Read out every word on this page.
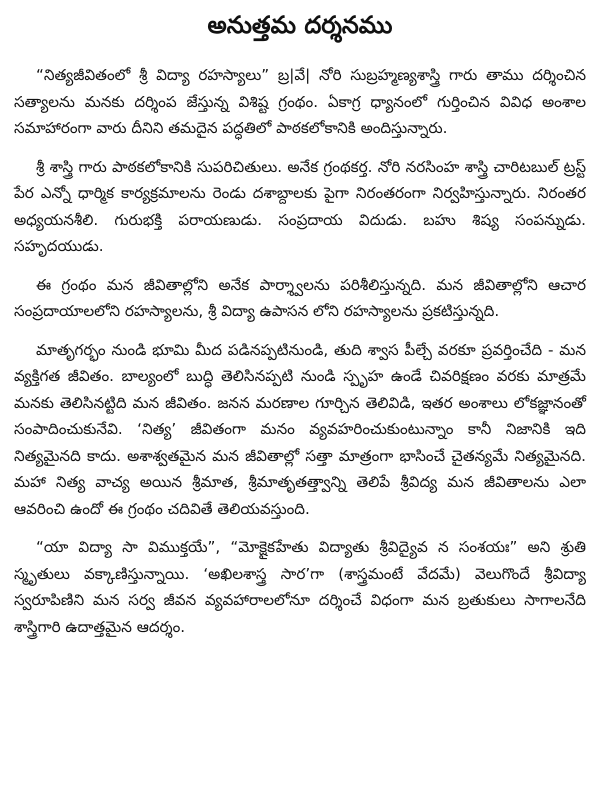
అనుత్తమ దర్శనము

“నిత్యజీవితంలో శ్రీ విద్యా రహస్యాలు” బ్ర|వే| నోరి సుబ్రహ్మణ్యశాస్త్రి గారు తాము దర్శించిన సత్యాలను మనకు దర్శింప జేస్తున్న విశిష్ట గ్రంథం. ఏకాగ్ర ధ్యానంలో గుర్తించిన వివిధ అంశాల సమాహారంగా వారు దీనిని తమదైన పద్ధతిలో పాఠకలోకానికి అందిస్తున్నారు.

శ్రీ శాస్త్రి గారు పాఠకలోకానికి సుపరిచితులు. అనేక గ్రంథకర్త. నోరి నరసింహ శాస్త్రి చారిటబుల్ ట్రస్ట్ పేర ఎన్నో ధార్మిక కార్యక్రమాలను రెండు దశాబ్దాలకు పైగా నిరంతరంగా నిర్వహిస్తున్నారు. నిరంతర అధ్యయనశీలి. గురుభక్తి పరాయణుడు. సంప్రదాయ విదుడు. బహు శిష్య సంపన్నుడు. సహృదయుడు.

ఈ గ్రంథం మన జీవితాల్లోని అనేక పార్శ్వాలను పరిశీలిస్తున్నది. మన జీవితాల్లోని ఆచార సంప్రదాయాలలోని రహస్యాలను, శ్రీ విద్యా ఉపాసన లోని రహస్యాలను ప్రకటిస్తున్నది.

మాతృగర్భం నుండి భూమి మీద పడినప్పటినుండి, తుది శ్వాస పీల్చే వరకూ ప్రవర్తించేది - మన వ్యక్తిగత జీవితం. బాల్యంలో బుద్ధి తెలిసినప్పటి నుండి స్పృహ ఉండే చివరిక్షణం వరకు మాత్రమే మనకు తెలిసినట్టిది మన జీవితం. జనన మరణాల గూర్చిన తెలివిడి, ఇతర అంశాలు లోకజ్ఞానంతో సంపాదించుకునేవి. ‘నిత్య’ జీవితంగా మనం వ్యవహరించుకుంటున్నాం కానీ నిజానికి ఇది నిత్యమైనది కాదు. అశాశ్వతమైన మన జీవితాల్లో సత్తా మాత్రంగా భాసించే చైతన్యమే నిత్యమైనది. మహా నిత్య వాచ్య అయిన శ్రీమాత, శ్రీమాతృతత్త్వాన్ని తెలిపే శ్రీవిద్య మన జీవితాలను ఎలా ఆవరించి ఉందో ఈ గ్రంథం చదివితే తెలియవస్తుంది.

“యా విద్యా సా విముక్తయే”, “మోక్షైకహేతు విద్యాతు శ్రీవిద్యైవ న సంశయః” అని శ్రుతి స్మృతులు వక్కాణిస్తున్నాయి. ‘అఖిలశాస్త్ర సార’గా (శాస్త్రమంటే వేదమే) వెలుగొందే శ్రీవిద్యా స్వరూపిణిని మన సర్వ జీవన వ్యవహారాలలోనూ దర్శించే విధంగా మన బ్రతుకులు సాగాలనేది శాస్త్రిగారి ఉదాత్తమైన ఆదర్శం.
